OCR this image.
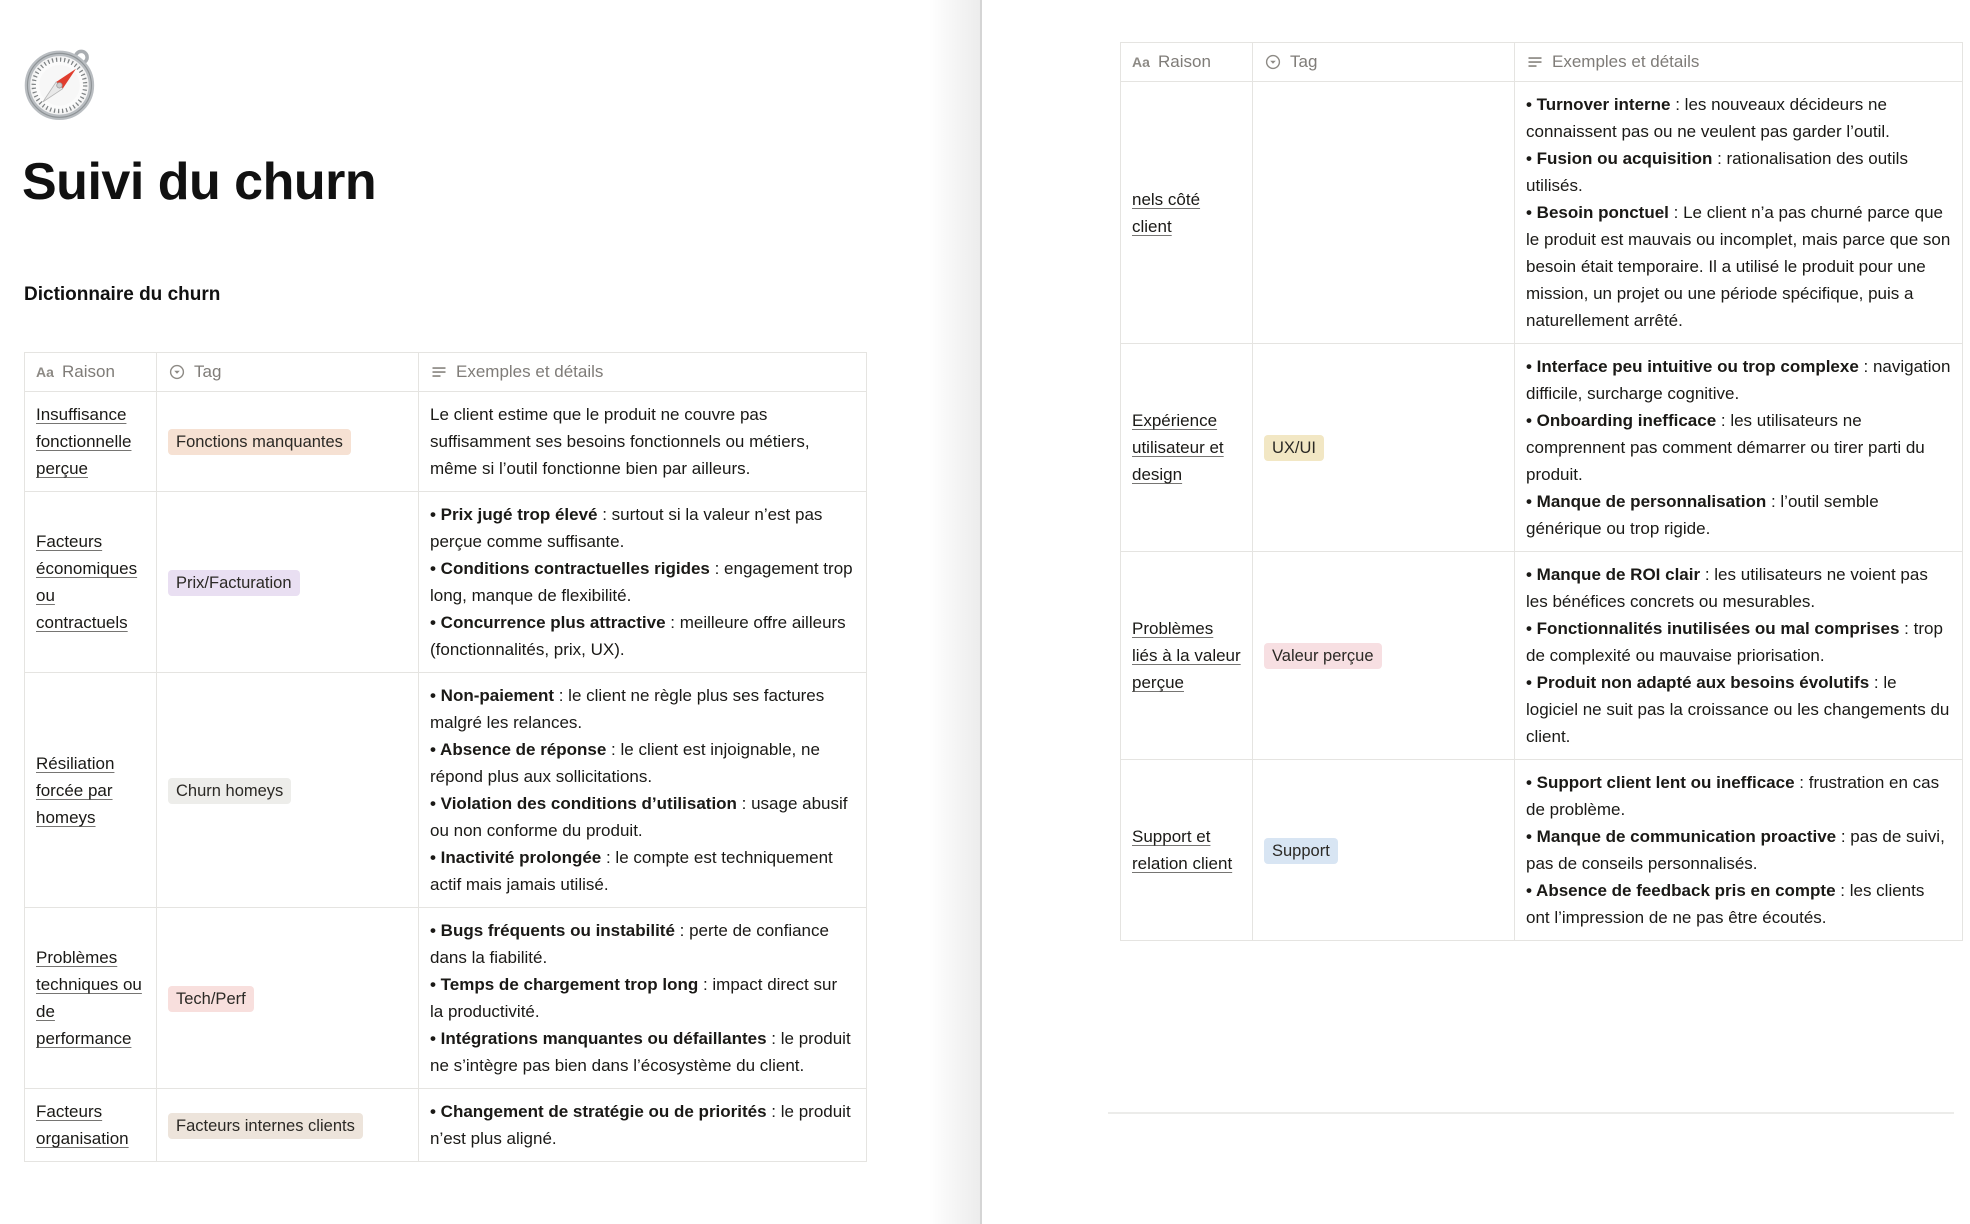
Suivi du churn
Dictionnaire du churn
Aa Raison	Tag	Exemples et détails

Insuffisance fonctionnelle perçue	Fonctions manquantes	Le client estime que le produit ne couvre pas suffisamment ses besoins fonctionnels ou métiers, même si l’outil fonctionne bien par ailleurs.

Facteurs économiques ou contractuels	Prix/Facturation	• Prix jugé trop élevé : surtout si la valeur n’est pas perçue comme suffisante.
• Conditions contractuelles rigides : engagement trop long, manque de flexibilité.
• Concurrence plus attractive : meilleure offre ailleurs (fonctionnalités, prix, UX).

Résiliation forcée par homeys	Churn homeys	• Non-paiement : le client ne règle plus ses factures malgré les relances.
• Absence de réponse : le client est injoignable, ne répond plus aux sollicitations.
• Violation des conditions d’utilisation : usage abusif ou non conforme du produit.
• Inactivité prolongée : le compte est techniquement actif mais jamais utilisé.

Problèmes techniques ou de performance	Tech/Perf	• Bugs fréquents ou instabilité : perte de confiance dans la fiabilité.
• Temps de chargement trop long : impact direct sur la productivité.
• Intégrations manquantes ou défaillantes : le produit ne s’intègre pas bien dans l’écosystème du client.

Facteurs organisation	Facteurs internes clients	• Changement de stratégie ou de priorités : le produit n’est plus aligné.
Aa Raison	Tag	Exemples et détails

nels côté client		• Turnover interne : les nouveaux décideurs ne connaissent pas ou ne veulent pas garder l’outil.
• Fusion ou acquisition : rationalisation des outils utilisés.
• Besoin ponctuel : Le client n’a pas churné parce que le produit est mauvais ou incomplet, mais parce que son besoin était temporaire. Il a utilisé le produit pour une mission, un projet ou une période spécifique, puis a naturellement arrêté.

Expérience utilisateur et design	UX/UI	• Interface peu intuitive ou trop complexe : navigation difficile, surcharge cognitive.
• Onboarding inefficace : les utilisateurs ne comprennent pas comment démarrer ou tirer parti du produit.
• Manque de personnalisation : l’outil semble générique ou trop rigide.

Problèmes liés à la valeur perçue	Valeur perçue	• Manque de ROI clair : les utilisateurs ne voient pas les bénéfices concrets ou mesurables.
• Fonctionnalités inutilisées ou mal comprises : trop de complexité ou mauvaise priorisation.
• Produit non adapté aux besoins évolutifs : le logiciel ne suit pas la croissance ou les changements du client.

Support et relation client	Support	• Support client lent ou inefficace : frustration en cas de problème.
• Manque de communication proactive : pas de suivi, pas de conseils personnalisés.
• Absence de feedback pris en compte : les clients ont l’impression de ne pas être écoutés.
